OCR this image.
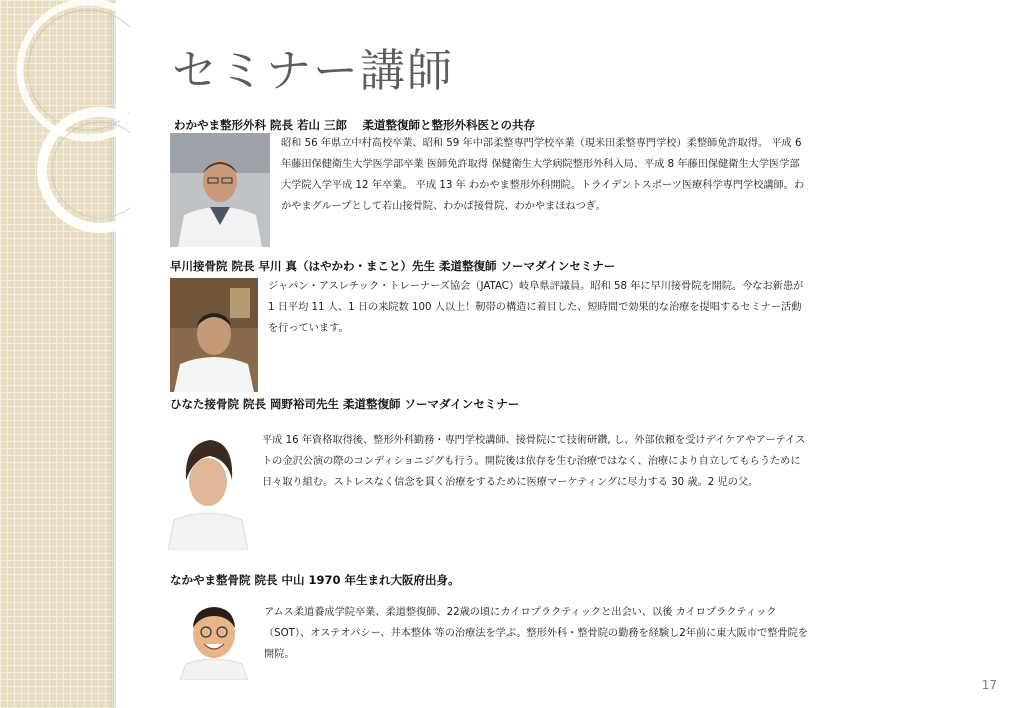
セミナー講師
わかやま整形外科 院長 若山 三郎　 柔道整復師と整形外科医との共存
昭和 56 年県立中村高校卒業、昭和 59 年中部柔整専門学校卒業（現米田柔整専門学校）柔整師免許取得。 平成 6 年藤田保健衛生大学医学部卒業 医師免許取得 保健衛生大学病院整形外科入局、平成 8 年藤田保健衛生大学医学部大学院入学平成 12 年卒業。 平成 13 年 わかやま整形外科開院。トライデントスポーツ医療科学専門学校講師。わかやまグループとして若山接骨院、わかば接骨院、わかやまほねつぎ。
早川接骨院 院長 早川 真（はやかわ・まこと）先生 柔道整復師 ソーマダインセミナー
ジャパン・アスレチック・トレーナーズ協会（JATAC）岐阜県評議員。昭和 58 年に早川接骨院を開院。今なお新患が 1 日平均 11 人、1 日の来院数 100 人以上！靭帯の構造に着目した、短時間で効果的な治療を提唱するセミナー活動を行っています。
ひなた接骨院 院長 岡野裕司先生 柔道整復師 ソーマダインセミナー
平成 16 年資格取得後、整形外科勤務・専門学校講師、接骨院にて技術研鑽, し、外部依頼を受けデイケアやアーテイストの金沢公演の際のコンディショニジグも行う。開院後は依存を生む治療ではなく、治療により自立してもらうために日々取り組む。ストレスなく信念を貫く治療をするために医療マーケティングに尽力する 30 歳。2 児の父。
なかやま整骨院 院長 中山 1970 年生まれ大阪府出身。
アムス柔道養成学院卒業、柔道整復師、22歳の頃にカイロプラクティックと出会い、以後 カイロプラクティック（SOT）、オステオパシー、井本整体 等の治療法を学ぶ。整形外科・整骨院の勤務を経験し2年前に東大阪市で整骨院を開院。
17
